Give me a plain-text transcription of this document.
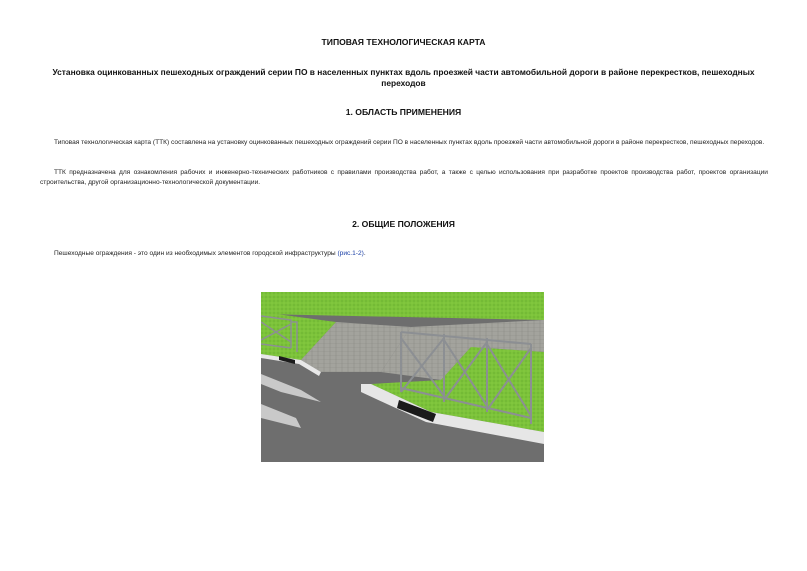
ТИПОВАЯ ТЕХНОЛОГИЧЕСКАЯ КАРТА
Установка оцинкованных пешеходных ограждений серии ПО в населенных пунктах вдоль проезжей части автомобильной дороги в районе перекрестков, пешеходных переходов
1. ОБЛАСТЬ ПРИМЕНЕНИЯ
Типовая технологическая карта (ТТК) составлена на установку оцинкованных пешеходных ограждений серии ПО в населенных пунктах вдоль проезжей части автомобильной дороги в районе перекрестков, пешеходных переходов.
ТТК предназначена для ознакомления рабочих и инженерно-технических работников с правилами производства работ, а также с целью использования при разработке проектов производства работ, проектов организации строительства, другой организационно-технологической документации.
2. ОБЩИЕ ПОЛОЖЕНИЯ
Пешеходные ограждения - это один из необходимых элементов городской инфраструктуры (рис.1-2).
